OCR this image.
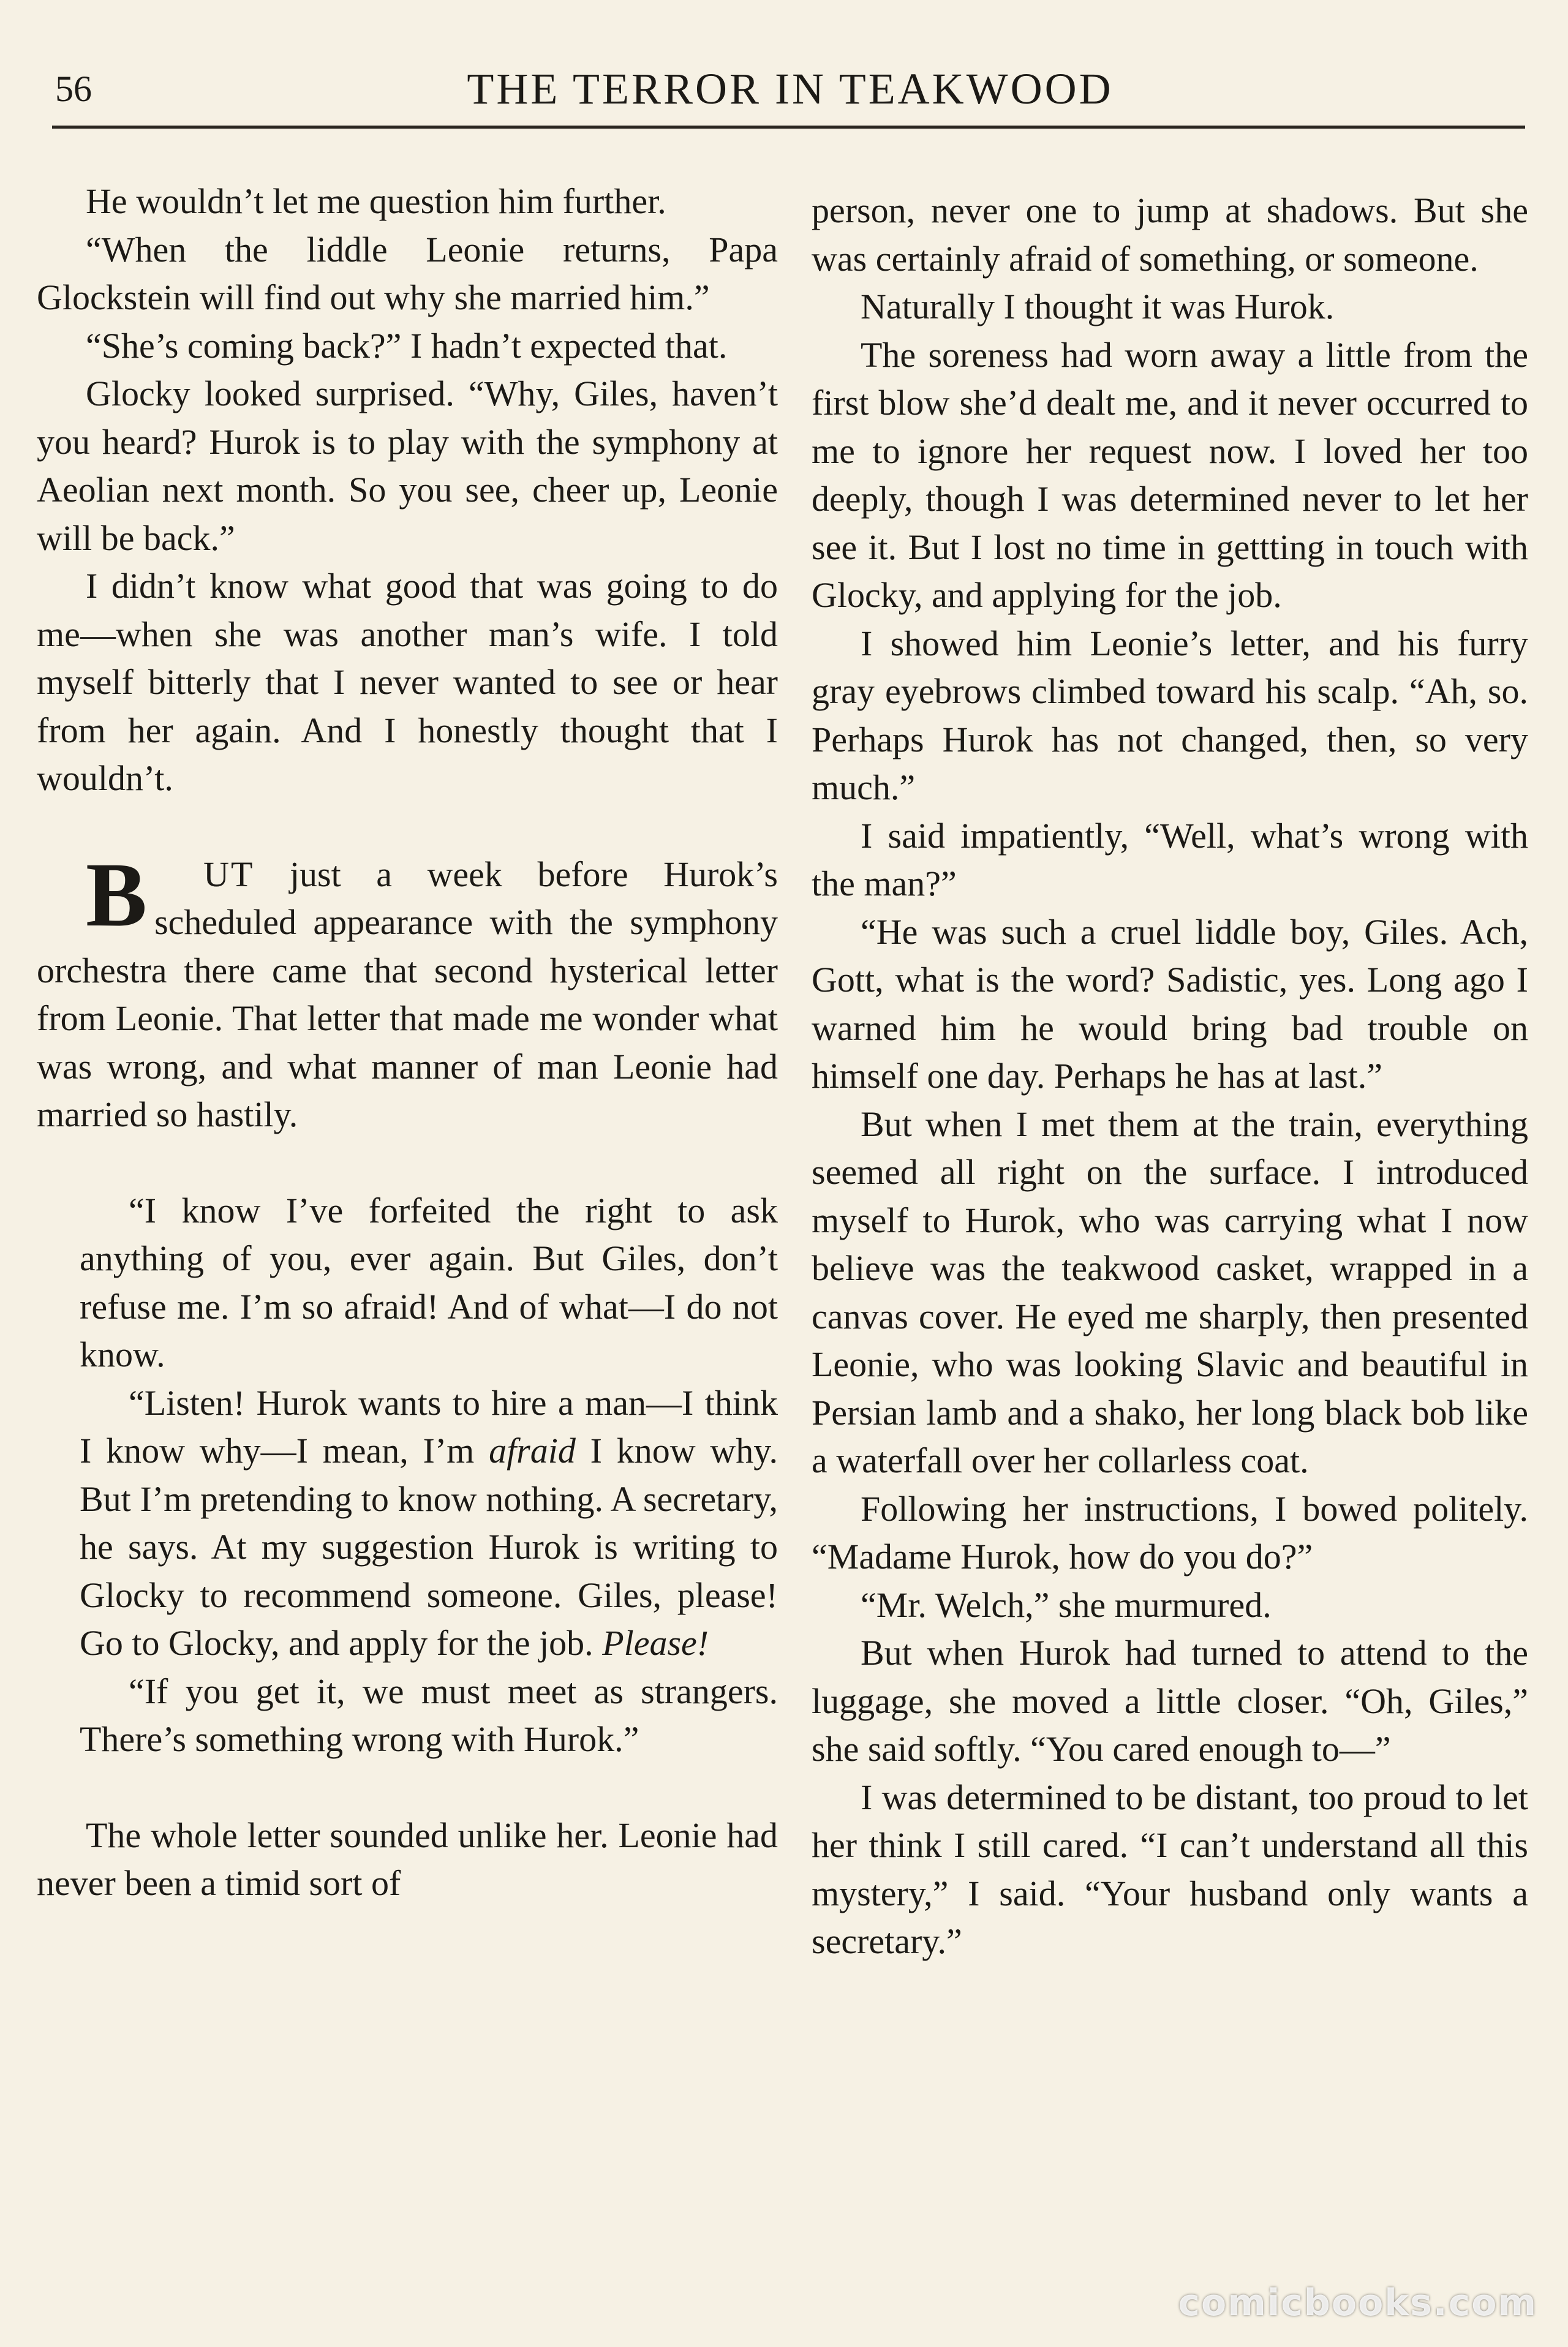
56	THE TERROR IN TEAKWOOD

He wouldn’t let me question him further.

“When the liddle Leonie returns, Papa Glockstein will find out why she married him.”

“She’s coming back?” I hadn’t expected that.

Glocky looked surprised. “Why, Giles, haven’t you heard? Hurok is to play with the symphony at Aeolian next month. So you see, cheer up, Leonie will be back.”

I didn’t know what good that was going to do me—when she was another man’s wife. I told myself bitterly that I never wanted to see or hear from her again. And I honestly thought that I wouldn’t.

B UT just a week before Hurok’s scheduled appearance with the symphony orchestra there came that second hysterical letter from Leonie. That letter that made me wonder what was wrong, and what manner of man Leonie had married so hastily.

“I know I’ve forfeited the right to ask anything of you, ever again. But Giles, don’t refuse me. I’m so afraid! And of what—I do not know.

“Listen! Hurok wants to hire a man—I think I know why—I mean, I’m afraid I know why. But I’m pretending to know nothing. A secretary, he says. At my suggestion Hurok is writing to Glocky to recommend someone. Giles, please! Go to Glocky, and apply for the job. Please!

“If you get it, we must meet as strangers. There’s something wrong with Hurok.”

The whole letter sounded unlike her. Leonie had never been a timid sort of

person, never one to jump at shadows. But she was certainly afraid of something, or someone.

Naturally I thought it was Hurok.

The soreness had worn away a little from the first blow she’d dealt me, and it never occurred to me to ignore her request now. I loved her too deeply, though I was determined never to let her see it. But I lost no time in gettting in touch with Glocky, and applying for the job.

I showed him Leonie’s letter, and his furry gray eyebrows climbed toward his scalp. “Ah, so. Perhaps Hurok has not changed, then, so very much.”

I said impatiently, “Well, what’s wrong with the man?”

“He was such a cruel liddle boy, Giles. Ach, Gott, what is the word? Sadistic, yes. Long ago I warned him he would bring bad trouble on himself one day. Perhaps he has at last.”

But when I met them at the train, everything seemed all right on the surface. I introduced myself to Hurok, who was carrying what I now believe was the teakwood casket, wrapped in a canvas cover. He eyed me sharply, then presented Leonie, who was looking Slavic and beautiful in Persian lamb and a shako, her long black bob like a waterfall over her collarless coat.

Following her instructions, I bowed politely. “Madame Hurok, how do you do?”

“Mr. Welch,” she murmured.

But when Hurok had turned to attend to the luggage, she moved a little closer. “Oh, Giles,” she said softly. “You cared enough to—”

I was determined to be distant, too proud to let her think I still cared. “I can’t understand all this mystery,” I said. “Your husband only wants a secretary.”

comicbooks.com
